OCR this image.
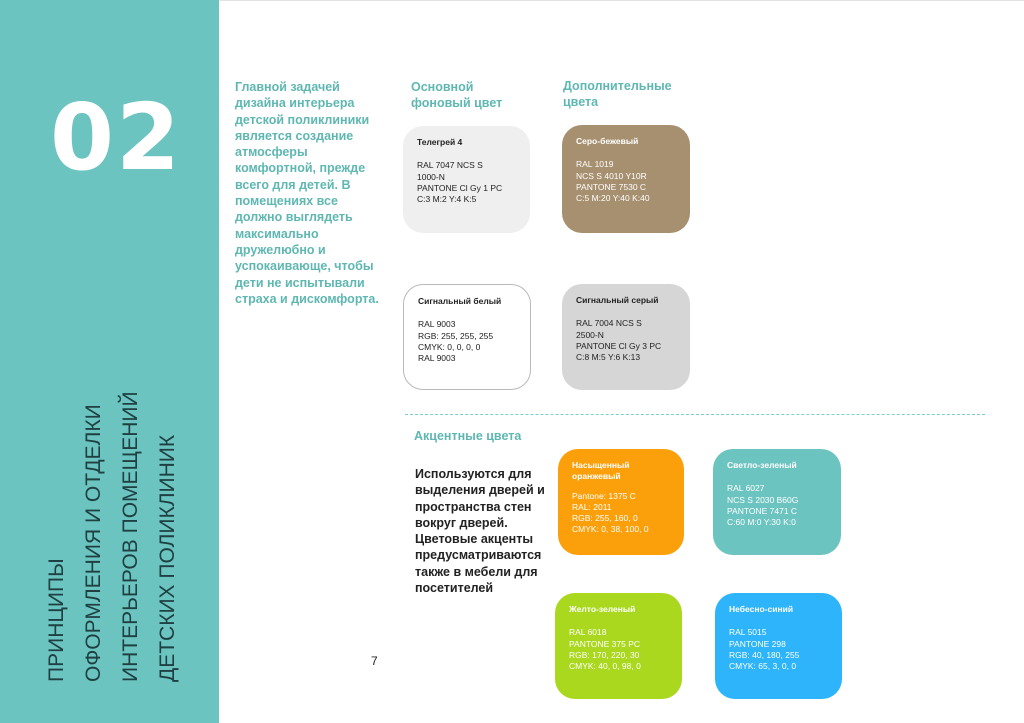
02
ПРИНЦИПЫ ОФОРМЛЕНИЯ И ОТДЕЛКИ ИНТЕРЬЕРОВ ПОМЕЩЕНИЙ ДЕТСКИХ ПОЛИКЛИНИК
Главной задачей дизайна интерьера детской поликлиники является создание атмосферы комфортной, прежде всего для детей. В помещениях все должно выглядеть максимально дружелюбно и успокаивающе, чтобы дети не испытывали страха и дискомфорта.
Основной фоновый цвет
Дополнительные цвета
Акцентные цвета
Телегрей 4
RAL 7047 NCS S
1000-N
PANTONE Cl Gy 1 PC
C:3 M:2 Y:4 K:5
Серо-бежевый
RAL 1019
NCS S 4010 Y10R
PANTONE 7530 C
C:5 M:20 Y:40 K:40
Сигнальный белый
RAL 9003
RGB: 255, 255, 255
CMYK: 0, 0, 0, 0
RAL 9003
Сигнальный серый
RAL 7004 NCS S
2500-N
PANTONE Cl Gy 3 PC
C:8 M:5 Y:6 K:13
Используются для выделения дверей и пространства стен вокруг дверей. Цветовые акценты предусматриваются также в мебели для посетителей
Насыщенный оранжевый
Pantone: 1375 C
RAL: 2011
RGB: 255, 160, 0
CMYK: 0, 38, 100, 0
Светло-зеленый
RAL 6027
NCS S 2030 B60G
PANTONE 7471 C
C:60 M:0 Y:30 K:0
Желто-зеленый
RAL 6018
PANTONE 375 PC
RGB: 170, 220, 30
CMYK: 40, 0, 98, 0
Небесно-синий
RAL 5015
PANTONE 298
RGB: 40, 180, 255
CMYK: 65, 3, 0, 0
7
